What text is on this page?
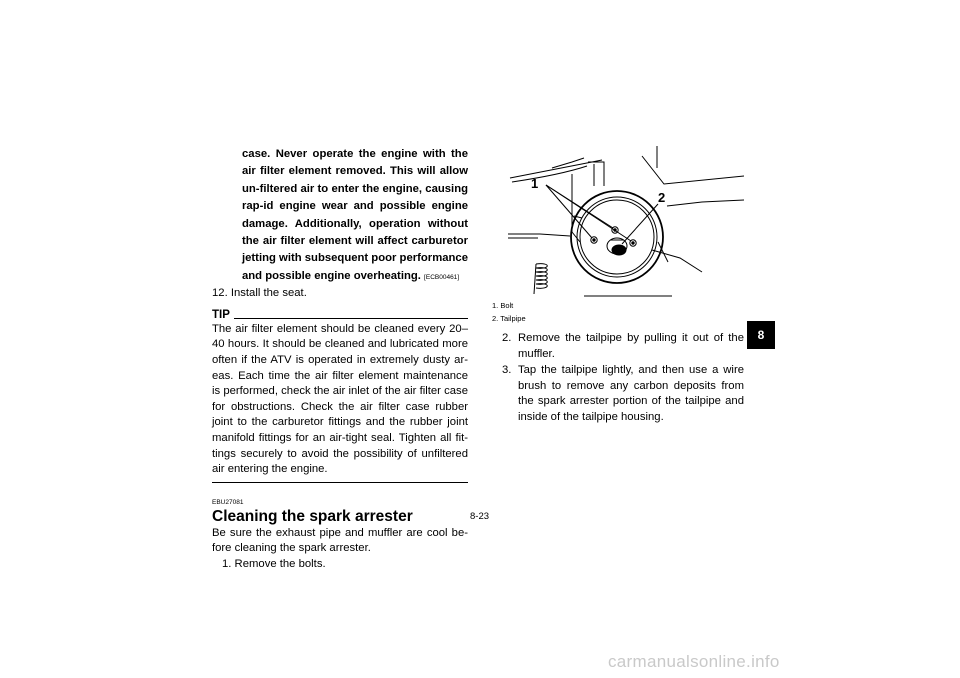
case. Never operate the engine with the air filter element removed. This will allow un-filtered air to enter the engine, causing rap-id engine wear and possible engine damage. Additionally, operation without the air filter element will affect carburetor jetting with subsequent poor performance and possible engine overheating. [ECB00461]
12. Install the seat.
TIP
The air filter element should be cleaned every 20–40 hours. It should be cleaned and lubricated more often if the ATV is operated in extremely dusty ar-eas. Each time the air filter element maintenance is performed, check the air inlet of the air filter case for obstructions. Check the air filter case rubber joint to the carburetor fittings and the rubber joint manifold fittings for an air-tight seal. Tighten all fit-tings securely to avoid the possibility of unfiltered air entering the engine.
EBU27081
Cleaning the spark arrester
Be sure the exhaust pipe and muffler are cool be-fore cleaning the spark arrester.
1. Remove the bolts.
1
2
1. Bolt
2. Tailpipe
2. Remove the tailpipe by pulling it out of the muffler.
3. Tap the tailpipe lightly, and then use a wire brush to remove any carbon deposits from the spark arrester portion of the tailpipe and inside of the tailpipe housing.
8-23
8
carmanualsonline.info
